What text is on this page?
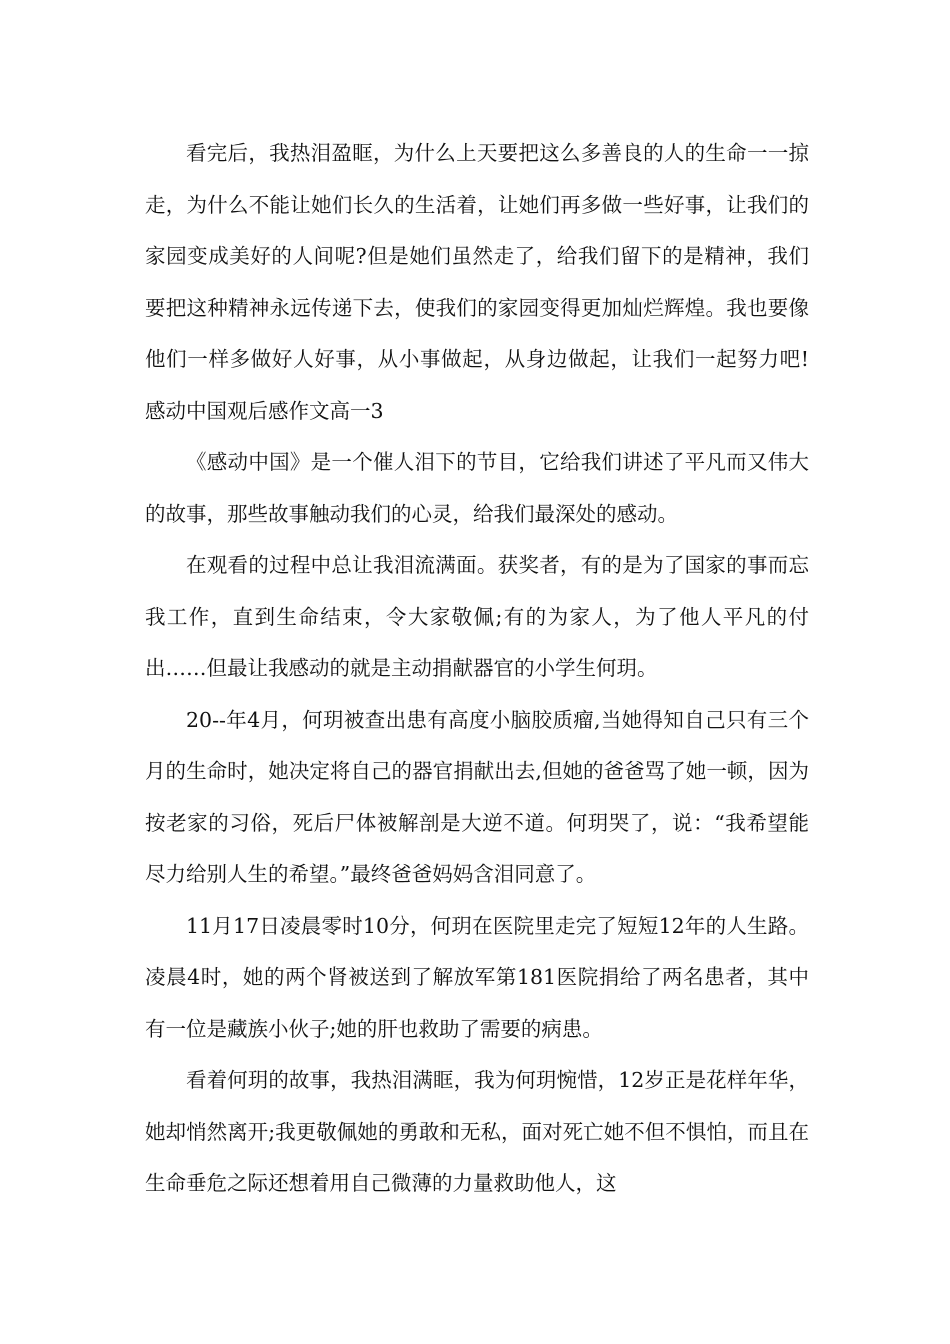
看完后，我热泪盈眶，为什么上天要把这么多善良的人的生命一一掠走，为什么不能让她们长久的生活着，让她们再多做一些好事，让我们的家园变成美好的人间呢?但是她们虽然走了，给我们留下的是精神，我们要把这种精神永远传递下去，使我们的家园变得更加灿烂辉煌。我也要像他们一样多做好人好事，从小事做起，从身边做起，让我们一起努力吧!感动中国观后感作文高一3

《感动中国》是一个催人泪下的节目，它给我们讲述了平凡而又伟大的故事，那些故事触动我们的心灵，给我们最深处的感动。

在观看的过程中总让我泪流满面。获奖者，有的是为了国家的事而忘我工作，直到生命结束，令大家敬佩;有的为家人，为了他人平凡的付出……但最让我感动的就是主动捐献器官的小学生何玥。

20--年4月，何玥被查出患有高度小脑胶质瘤,当她得知自己只有三个月的生命时，她决定将自己的器官捐献出去,但她的爸爸骂了她一顿，因为按老家的习俗，死后尸体被解剖是大逆不道。何玥哭了，说：“我希望能尽力给别人生的希望。”最终爸爸妈妈含泪同意了。

11月17日凌晨零时10分，何玥在医院里走完了短短12年的人生路。凌晨4时，她的两个肾被送到了解放军第181医院捐给了两名患者，其中有一位是藏族小伙子;她的肝也救助了需要的病患。

看着何玥的故事，我热泪满眶，我为何玥惋惜，12岁正是花样年华，她却悄然离开;我更敬佩她的勇敢和无私，面对死亡她不但不惧怕，而且在生命垂危之际还想着用自己微薄的力量救助他人，这
